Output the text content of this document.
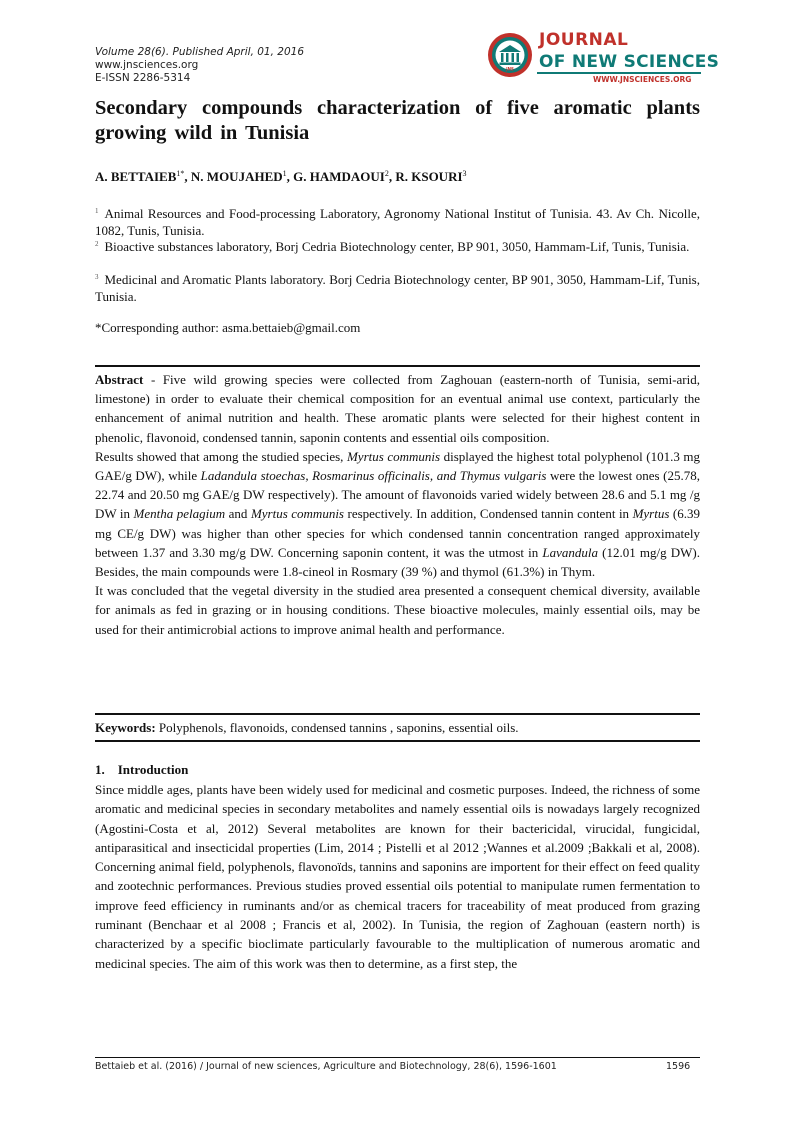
Volume 28(6). Published April, 01, 2016
www.jnsciences.org
E-ISSN 2286-5314
JNS
JOURNAL
OF NEW SCIENCES
WWW.JNSCIENCES.ORG
Secondary compounds characterization of five aromatic plants growing wild in Tunisia
A. $BETTAIEB^{1*}$, N. MOUJAHED$^1$, G. HAMDAOUI$^2$, R. KSOURI$^3$
$^1$ Animal Resources and Food-processing Laboratory, Agronomy National Institut of Tunisia. 43. Av Ch. Nicolle, 1082, Tunis, Tunisia.
$^2$ Bioactive substances laboratory, Borj Cedria Biotechnology center, BP 901, 3050, Hammam-Lif, Tunis, Tunisia.
$^3$ Medicinal and Aromatic Plants laboratory. Borj Cedria Biotechnology center, BP 901, 3050, Hammam-Lif, Tunis, Tunisia.
*Corresponding author: asma.bettaieb@gmail.com

Abstract - Five wild growing species were collected from Zaghouan (eastern-north of Tunisia, semi-arid, limestone) in order to evaluate their chemical composition for an eventual animal use context, particularly the enhancement of animal nutrition and health. These aromatic plants were selected for their highest content in phenolic, flavonoid, condensed tannin, saponin contents and essential oils composition.

Results showed that among the studied species, Myrtus communis displayed the highest total polyphenol (101.3 mg GAE/g DW), while Ladandula stoechas, Rosmarinus officinalis, and Thymus vulgaris were the lowest ones (25.78, 22.74 and 20.50 mg GAE/g DW respectively). The amount of flavonoids varied widely between 28.6 and 5.1 mg /g DW in Mentha pelagium and Myrtus communis respectively. In addition, Condensed tannin content in Myrtus (6.39 mg CE/g DW) was higher than other species for which condensed tannin concentration ranged approximately between 1.37 and 3.30 mg/g DW. Concerning saponin content, it was the utmost in Lavandula (12.01 mg/g DW). Besides, the main compounds were 1.8-cineol in Rosmary (39 %) and thymol (61.3%) in Thym.

It was concluded that the vegetal diversity in the studied area presented a consequent chemical diversity, available for animals as fed in grazing or in housing conditions. These bioactive molecules, mainly essential oils, may be used for their antimicrobial actions to improve animal health and performance.

Keywords: Polyphenols, flavonoids, condensed tannins , saponins, essential oils.
1.    Introduction

Since middle ages, plants have been widely used for medicinal and cosmetic purposes. Indeed, the richness of some aromatic and medicinal species in secondary metabolites and namely essential oils is nowadays largely recognized (Agostini-Costa et al, 2012) Several metabolites are known for their bactericidal, virucidal, fungicidal, antiparasitical and insecticidal properties (Lim, 2014 ; Pistelli et al 2012 ;Wannes et al.2009 ;Bakkali et al, 2008). Concerning animal field, polyphenols, flavonoïds, tannins and saponins are importent for their effect on feed quality and zootechnic performances. Previous studies proved essential oils potential to manipulate rumen fermentation to improve feed efficiency in ruminants and/or as chemical tracers for traceability of meat produced from grazing ruminant (Benchaar et al 2008 ; Francis et al, 2002). In Tunisia, the region of Zaghouan (eastern north) is characterized by a specific bioclimate particularly favourable to the multiplication of numerous aromatic and medicinal species. The aim of this work was then to determine, as a first step, the

Bettaieb et al. (2016) / Journal of new sciences, Agriculture and Biotechnology, 28(6), 1596-1601	1596
